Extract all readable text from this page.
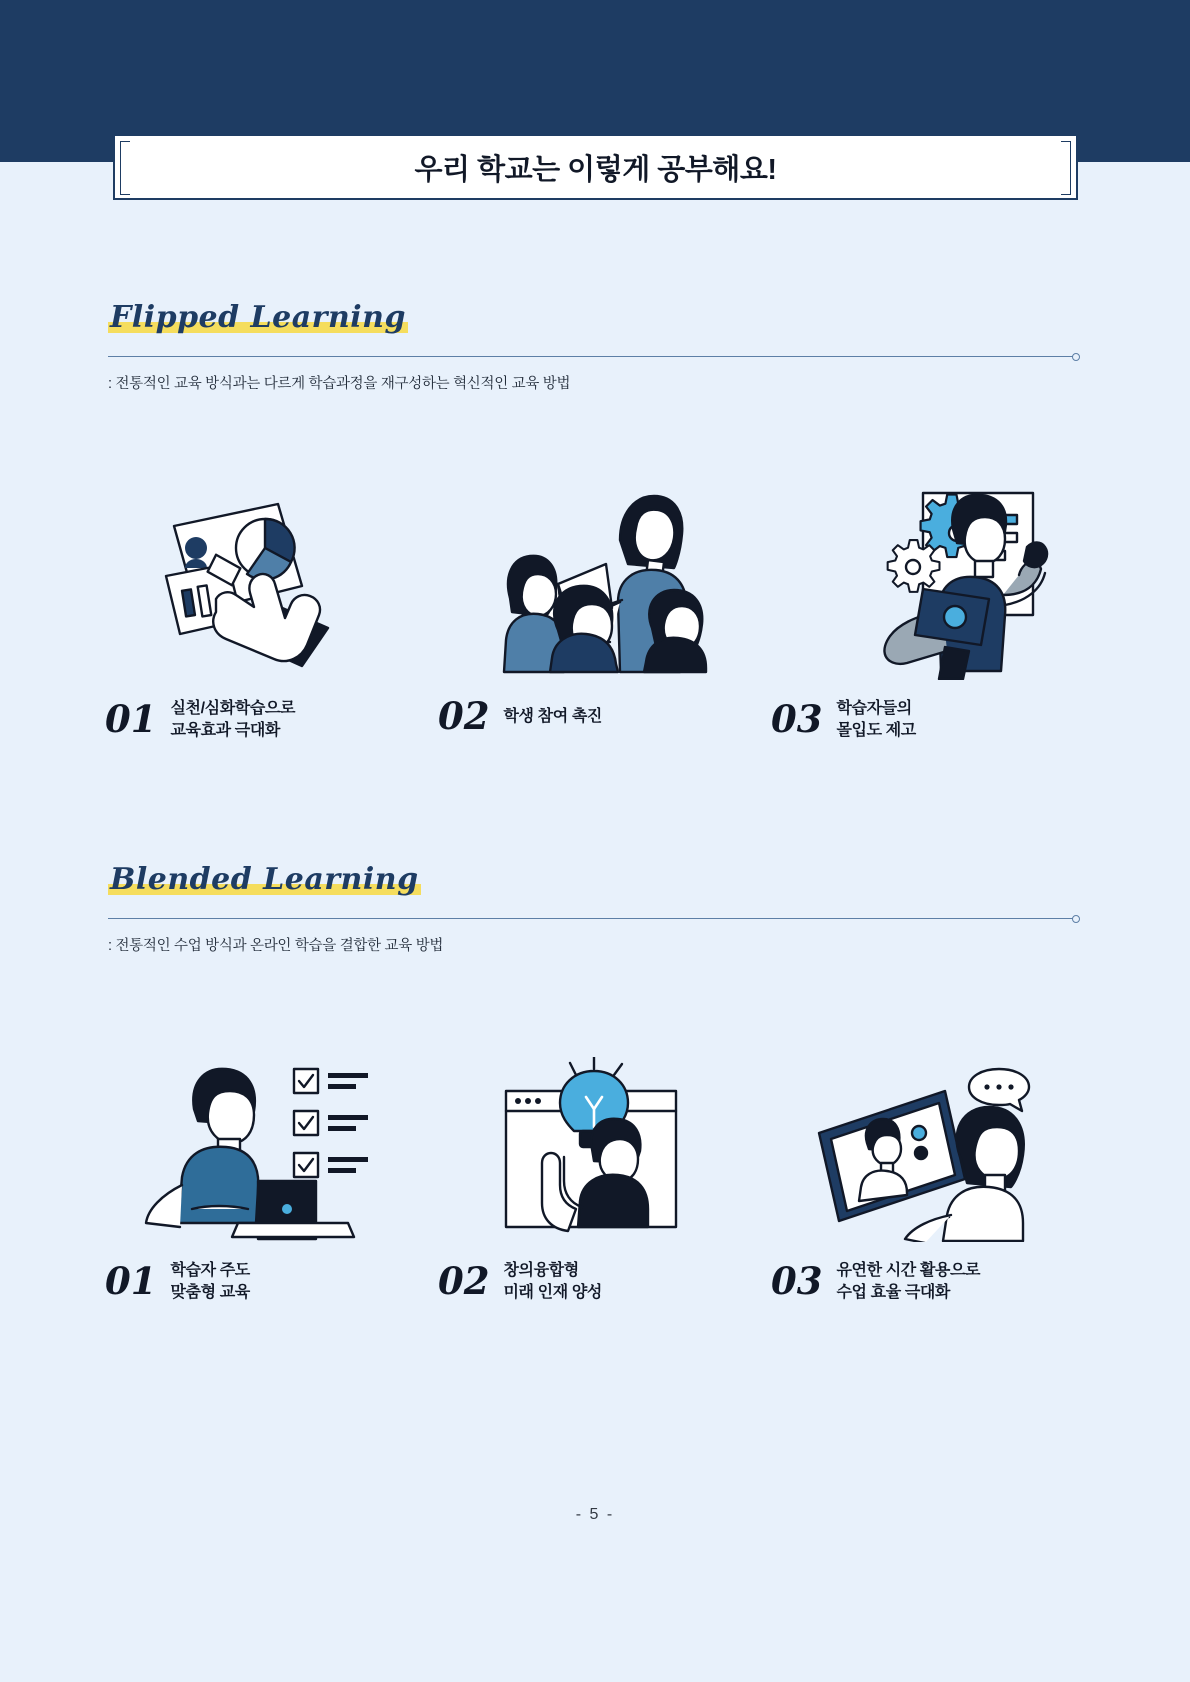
우리 학교는 이렇게 공부해요!
Flipped Learning
: 전통적인 교육 방식과는 다르게 학습과정을 재구성하는 혁신적인 교육 방법
01 실천/심화학습으로
교육효과 극대화	02 학생 참여 촉진	03 학습자들의
몰입도 제고
Blended Learning
: 전통적인 수업 방식과 온라인 학습을 결합한 교육 방법
01 학습자 주도
맞춤형 교육	02 창의융합형
미래 인재 양성	03 유연한 시간 활용으로
수업 효율 극대화
- 5 -
